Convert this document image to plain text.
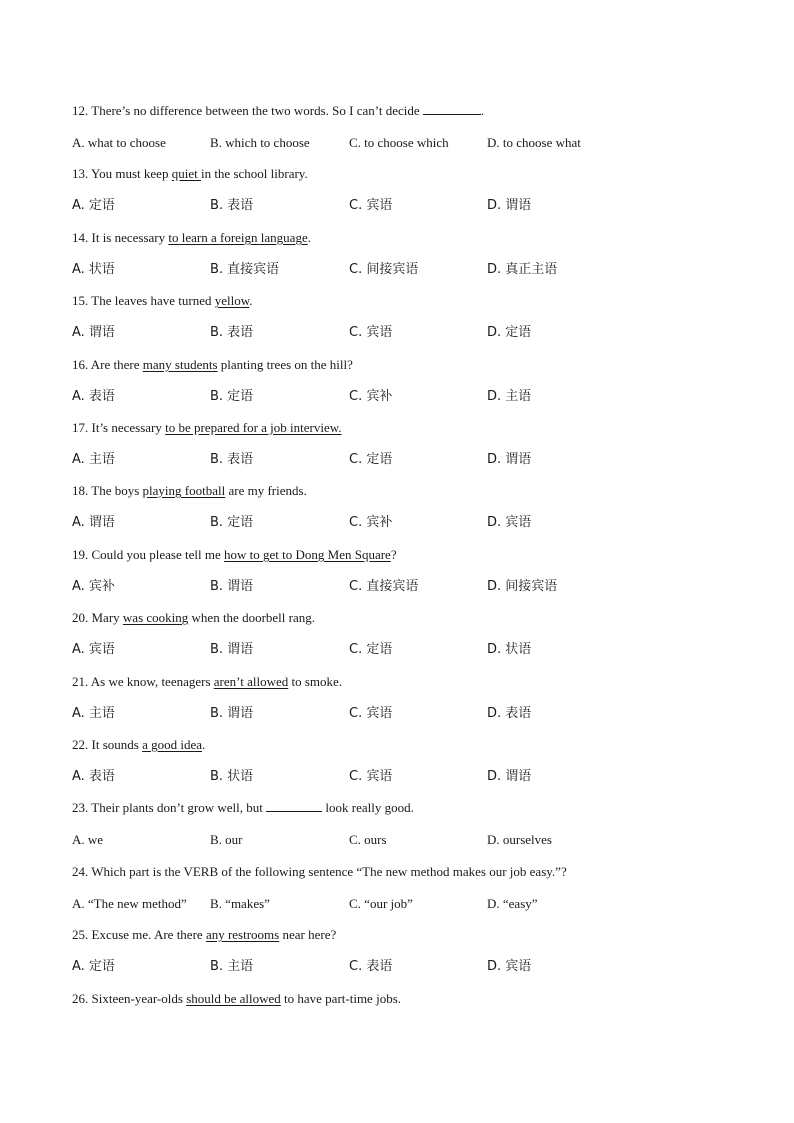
12. There’s no difference between the two words. So I can’t decide	.
A. what to choose	B. which to choose	C. to choose which	D. to choose what
13. You must keep quiet in the school library.
A. 定语	B. 表语	C. 宾语	D. 谓语
14. It is necessary to learn a foreign language.
A. 状语	B. 直接宾语	C. 间接宾语	D. 真正主语
15. The leaves have turned yellow.
A. 谓语	B. 表语	C. 宾语	D. 定语
16. Are there many students planting trees on the hill?
A. 表语	B. 定语	C. 宾补	D. 主语
17. It’s necessary to be prepared for a job interview.
A. 主语	B. 表语	C. 定语	D. 谓语
18. The boys playing football are my friends.
A. 谓语	B. 定语	C. 宾补	D. 宾语
19. Could you please tell me how to get to Dong Men Square?
A. 宾补	B. 谓语	C. 直接宾语	D. 间接宾语
20. Mary was cooking when the doorbell rang.
A. 宾语	B. 谓语	C. 定语	D. 状语
21. As we know, teenagers aren’t allowed to smoke.
A. 主语	B. 谓语	C. 宾语	D. 表语
22. It sounds a good idea.
A. 表语	B. 状语	C. 宾语	D. 谓语
23. Their plants don’t grow well, but	look really good.
A. we	B. our	C. ours	D. ourselves
24. Which part is the VERB of the following sentence “The new method makes our job easy.”?
A. “The new method” B. “makes”	C. “our job”	D. “easy”
25. Excuse me. Are there any restrooms near here?
A. 定语	B. 主语	C. 表语	D. 宾语
26. Sixteen-year-olds should be allowed to have part-time jobs.
